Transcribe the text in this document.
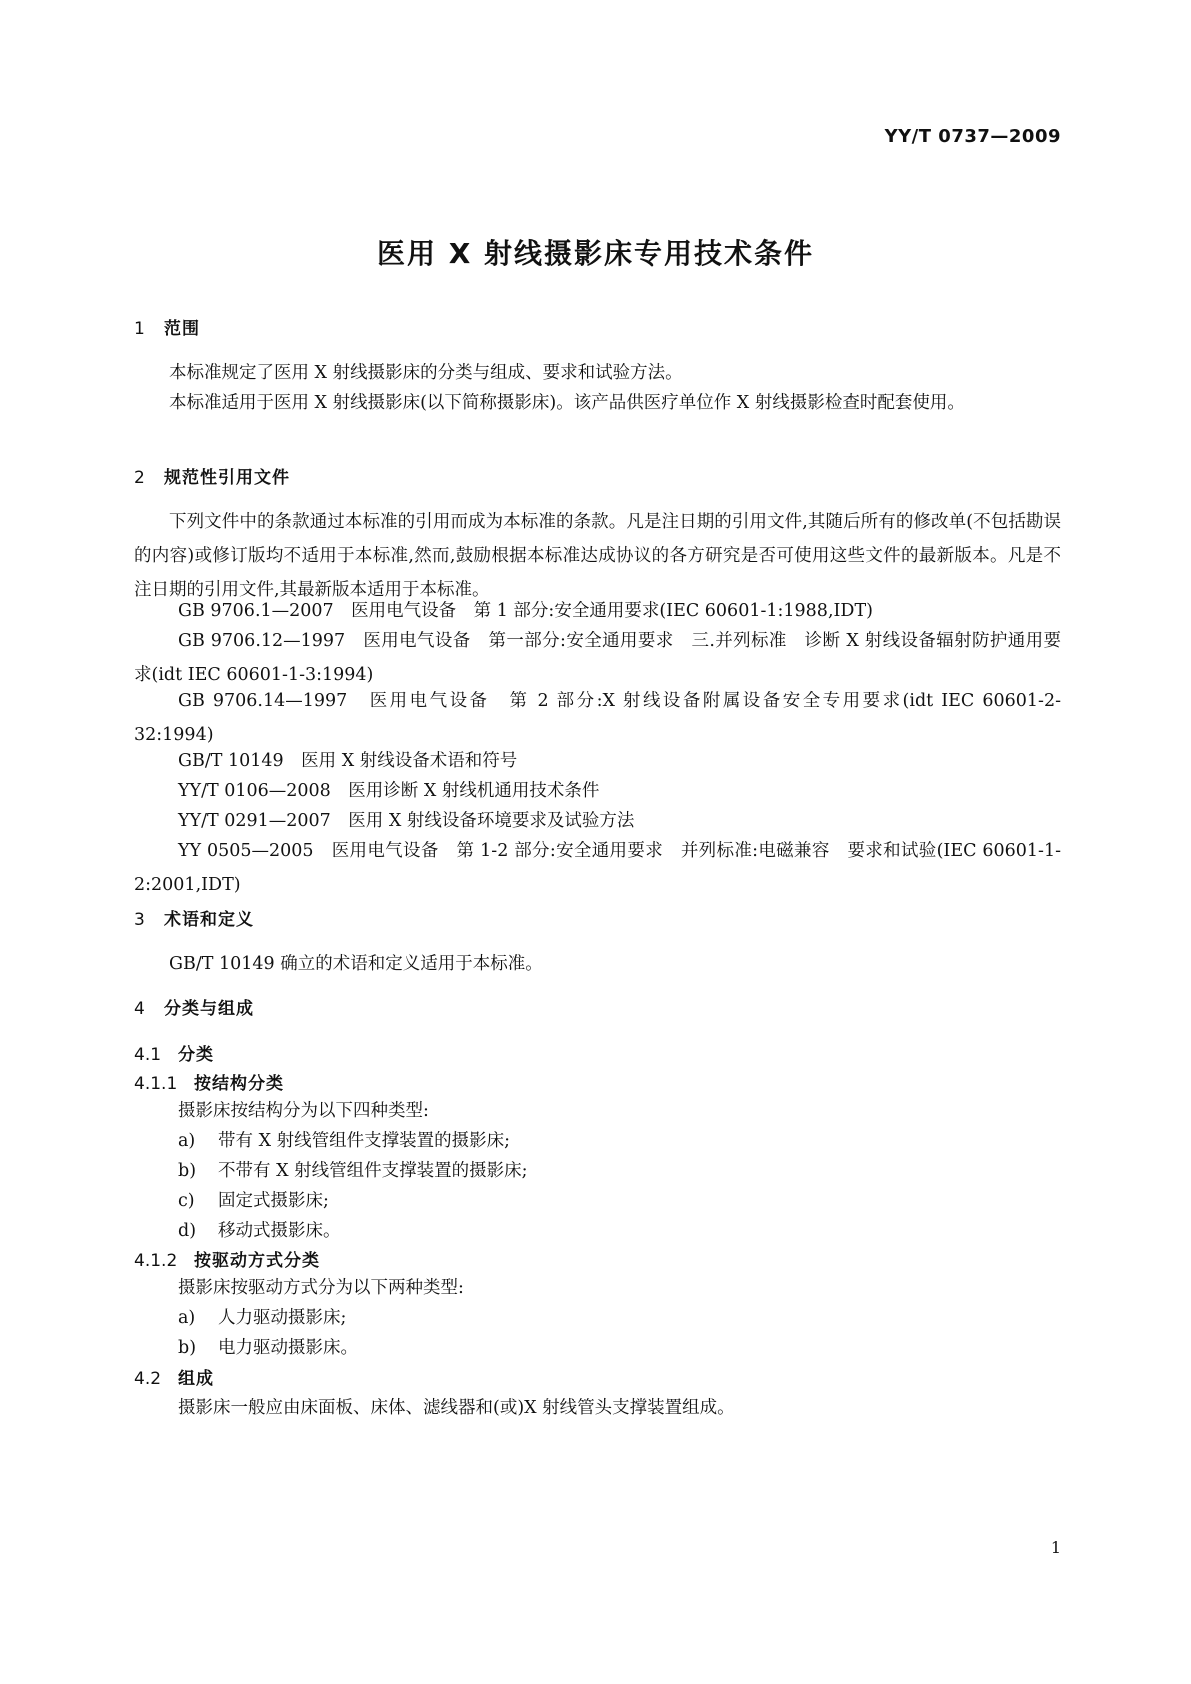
YY/T 0737—2009
医用 X 射线摄影床专用技术条件
1 范围
本标准规定了医用 X 射线摄影床的分类与组成、要求和试验方法。
本标准适用于医用 X 射线摄影床(以下简称摄影床)。该产品供医疗单位作 X 射线摄影检查时配套使用。
2 规范性引用文件
下列文件中的条款通过本标准的引用而成为本标准的条款。凡是注日期的引用文件,其随后所有的修改单(不包括勘误的内容)或修订版均不适用于本标准,然而,鼓励根据本标准达成协议的各方研究是否可使用这些文件的最新版本。凡是不注日期的引用文件,其最新版本适用于本标准。
GB 9706.1—2007　医用电气设备　第 1 部分:安全通用要求(IEC 60601-1:1988,IDT)
GB 9706.12—1997　医用电气设备　第一部分:安全通用要求　三.并列标准　诊断 X 射线设备辐射防护通用要求(idt IEC 60601-1-3:1994)
GB 9706.14—1997　医用电气设备　第 2 部分:X 射线设备附属设备安全专用要求(idt IEC 60601-2-32:1994)
GB/T 10149　医用 X 射线设备术语和符号
YY/T 0106—2008　医用诊断 X 射线机通用技术条件
YY/T 0291—2007　医用 X 射线设备环境要求及试验方法
YY 0505—2005　医用电气设备　第 1-2 部分:安全通用要求　并列标准:电磁兼容　要求和试验(IEC 60601-1-2:2001,IDT)
3 术语和定义
GB/T 10149 确立的术语和定义适用于本标准。
4 分类与组成
4.1 分类
4.1.1 按结构分类
摄影床按结构分为以下四种类型:
a) 带有 X 射线管组件支撑装置的摄影床;
b) 不带有 X 射线管组件支撑装置的摄影床;
c) 固定式摄影床;
d) 移动式摄影床。
4.1.2 按驱动方式分类
摄影床按驱动方式分为以下两种类型:
a) 人力驱动摄影床;
b) 电力驱动摄影床。
4.2 组成
摄影床一般应由床面板、床体、滤线器和(或)X 射线管头支撑装置组成。
1
